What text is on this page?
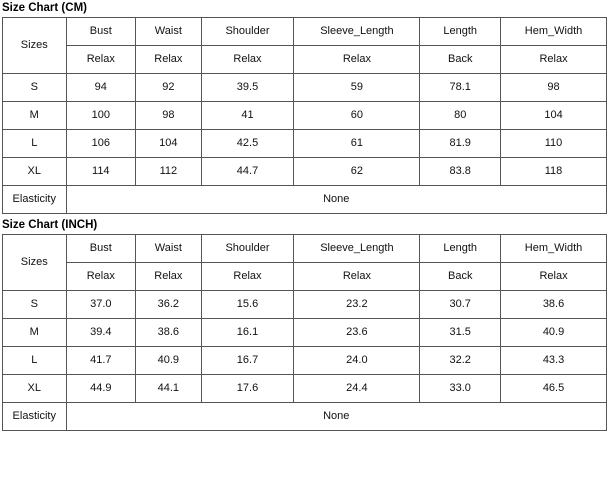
Size Chart (CM)
Sizes	Bust	Waist	Shoulder	Sleeve_Length	Length	Hem_Width
	Relax	Relax	Relax	Relax	Back	Relax
S	94	92	39.5	59	78.1	98
M	100	98	41	60	80	104
L	106	104	42.5	61	81.9	110
XL	114	112	44.7	62	83.8	118
Elasticity	None					
Size Chart (INCH)
Sizes	Bust	Waist	Shoulder	Sleeve_Length	Length	Hem_Width
	Relax	Relax	Relax	Relax	Back	Relax
S	37.0	36.2	15.6	23.2	30.7	38.6
M	39.4	38.6	16.1	23.6	31.5	40.9
L	41.7	40.9	16.7	24.0	32.2	43.3
XL	44.9	44.1	17.6	24.4	33.0	46.5
Elasticity	None					
